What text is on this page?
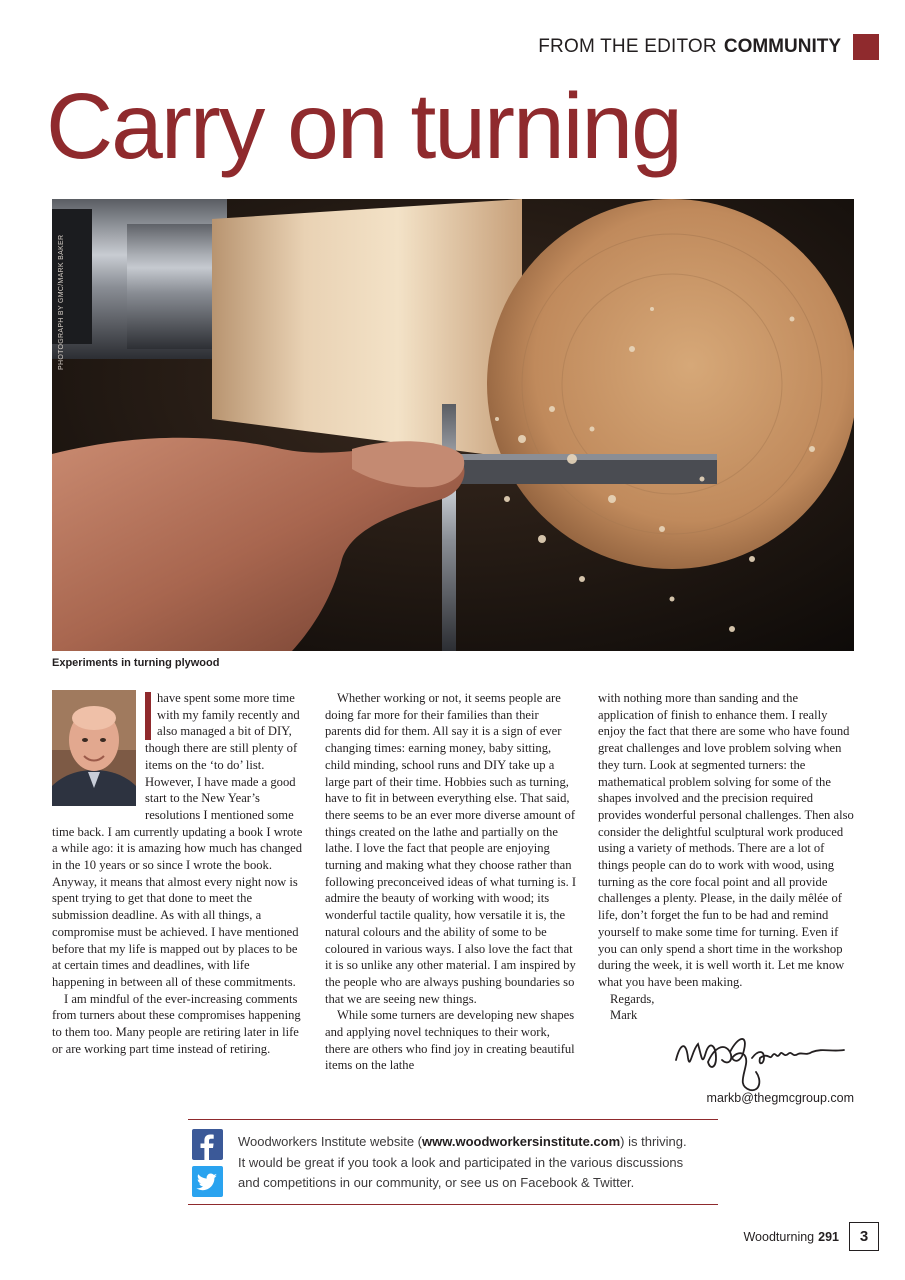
FROM THE EDITOR COMMUNITY
Carry on turning
PHOTOGRAPH BY GMC/MARK BAKER
Experiments in turning plywood

have spent some more time with my family recently and also managed a bit of DIY, though there are still plenty of items on the ‘to do’ list. However, I have made a good start to the New Year’s resolutions I mentioned some time back. I am currently updating a book I wrote a while ago: it is amazing how much has changed in the 10 years or so since I wrote the book. Anyway, it means that almost every night now is spent trying to get that done to meet the submission deadline. As with all things, a compromise must be achieved. I have mentioned before that my life is mapped out by places to be at certain times and deadlines, with life happening in between all of these commitments.

I am mindful of the ever-increasing comments from turners about these compromises happening to them too. Many people are retiring later in life or are working part time instead of retiring.

Whether working or not, it seems people are doing far more for their families than their parents did for them. All say it is a sign of ever changing times: earning money, baby sitting, child minding, school runs and DIY take up a large part of their time. Hobbies such as turning, have to fit in between everything else. That said, there seems to be an ever more diverse amount of things created on the lathe and partially on the lathe. I love the fact that people are enjoying turning and making what they choose rather than following preconceived ideas of what turning is. I admire the beauty of working with wood; its wonderful tactile quality, how versatile it is, the natural colours and the ability of some to be coloured in various ways. I also love the fact that it is so unlike any other material. I am inspired by the people who are always pushing boundaries so that we are seeing new things.

While some turners are developing new shapes and applying novel techniques to their work, there are others who find joy in creating beautiful items on the lathe

with nothing more than sanding and the application of finish to enhance them. I really enjoy the fact that there are some who have found great challenges and love problem solving when they turn. Look at segmented turners: the mathematical problem solving for some of the shapes involved and the precision required provides wonderful personal challenges. Then also consider the delightful sculptural work produced using a variety of methods. There are a lot of things people can do to work with wood, using turning as the core focal point and all provide challenges a plenty. Please, in the daily mêlée of life, don’t forget the fun to be had and remind yourself to make some time for turning. Even if you can only spend a short time in the workshop during the week, it is well worth it. Let me know what you have been making.

Regards,

Mark

markb@thegmcgroup.com
Woodworkers Institute website (www.woodworkersinstitute.com) is thriving.
It would be great if you took a look and participated in the various discussions
and competitions in our community, or see us on Facebook & Twitter.
Woodturning 291	3
